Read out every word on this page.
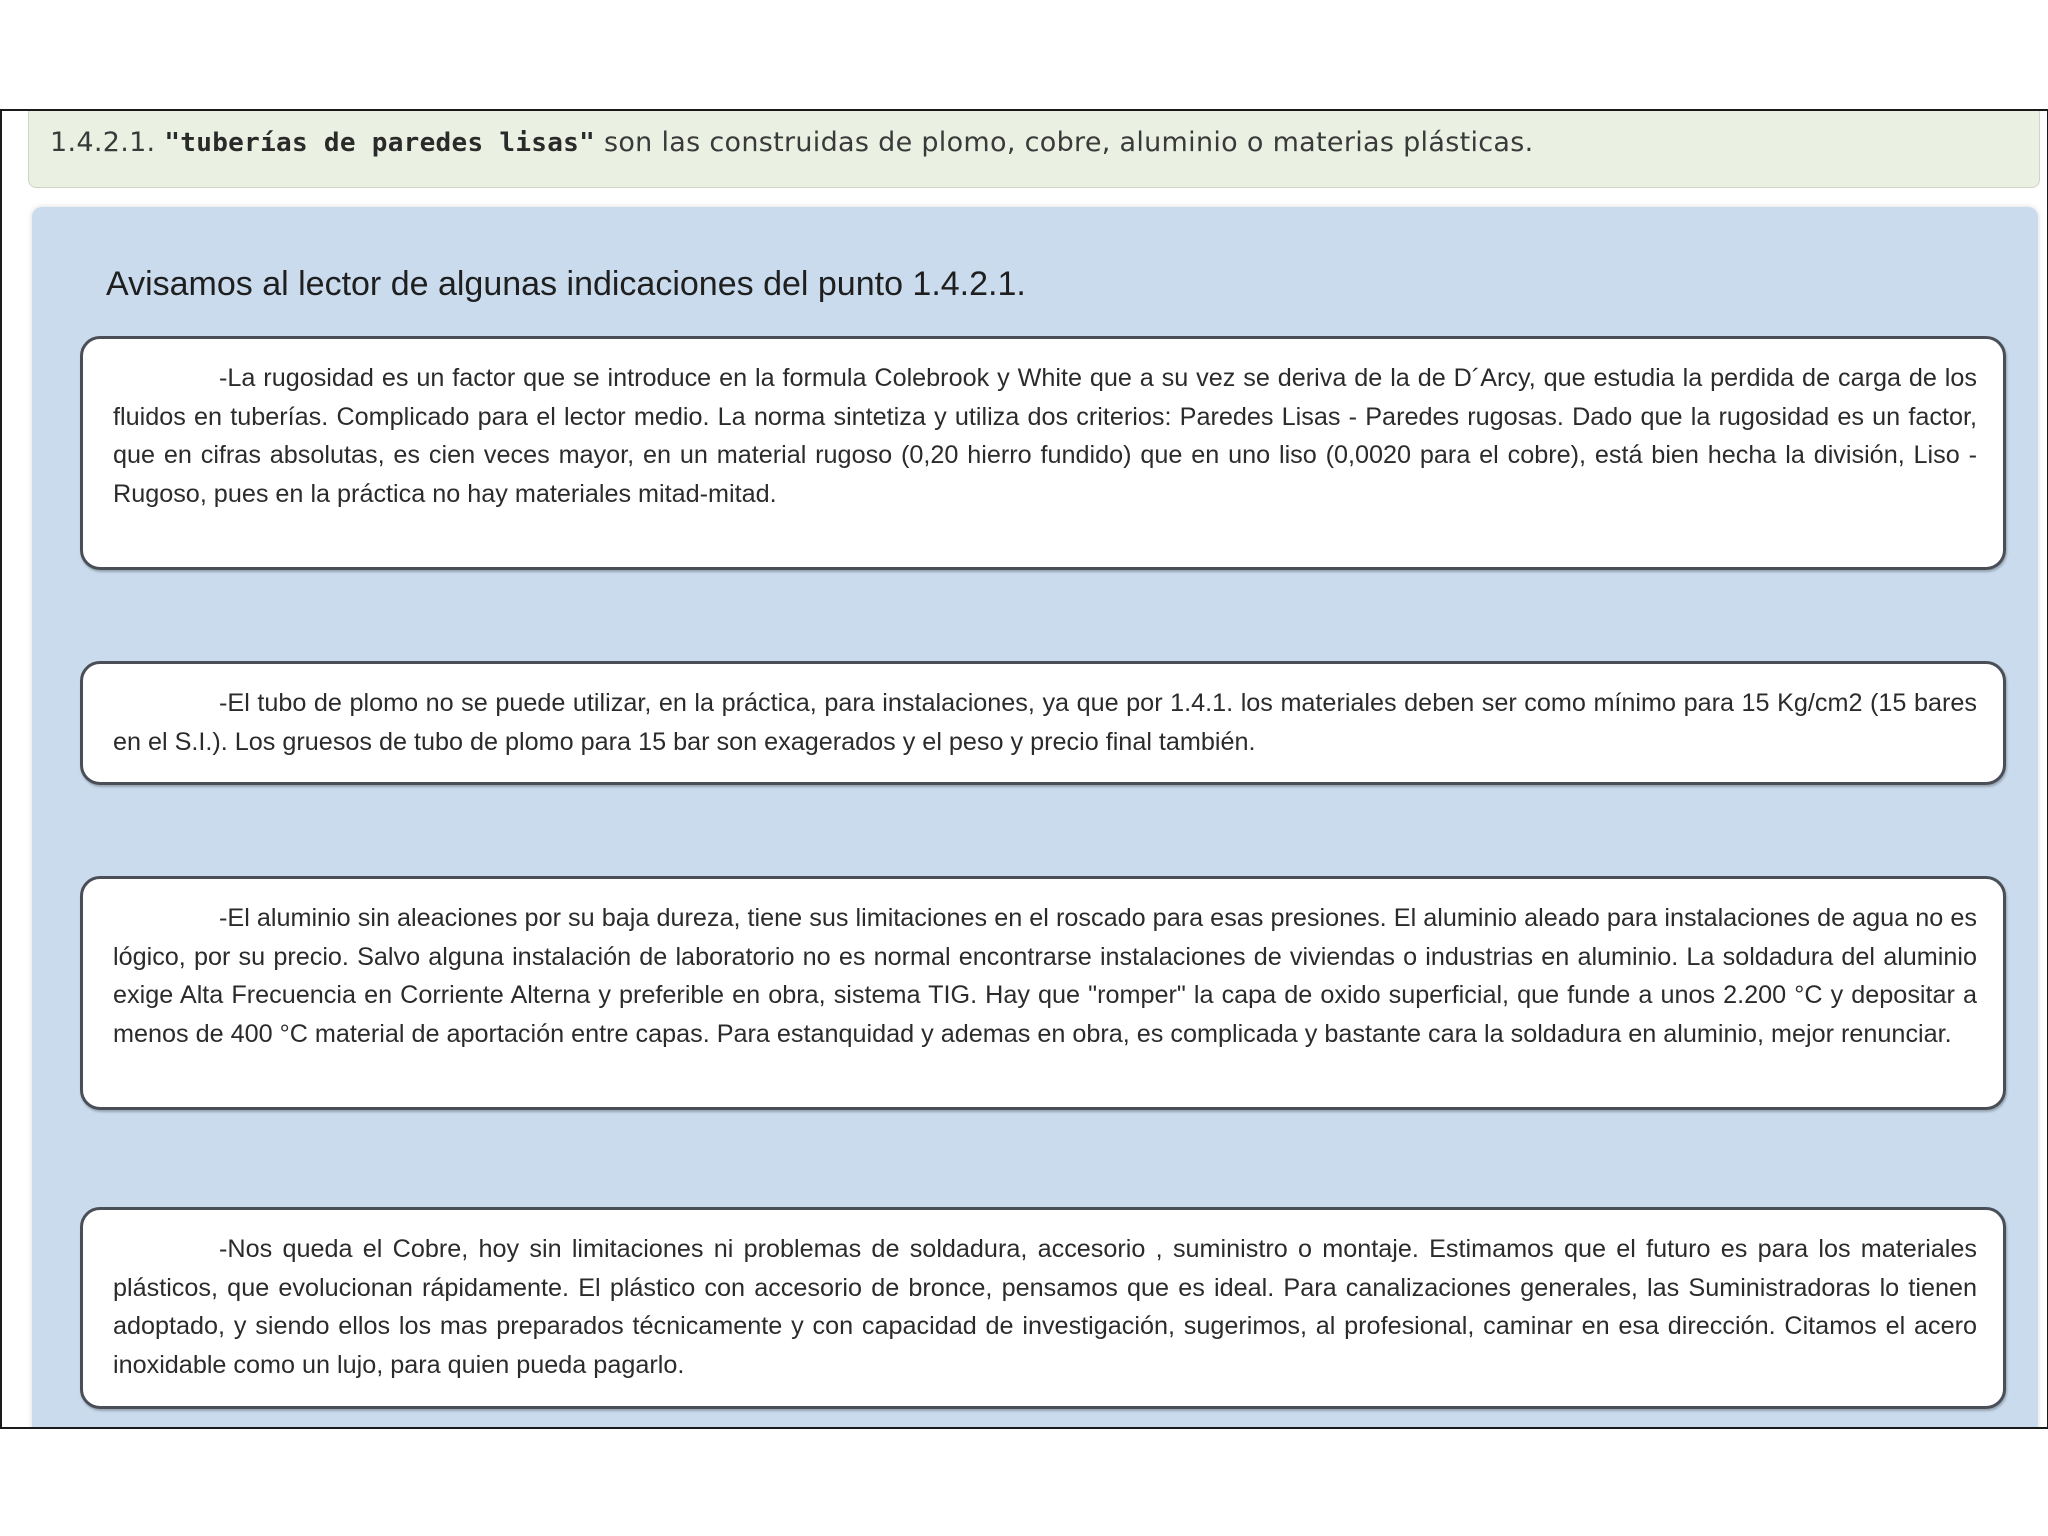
1.4.2.1. "tuberías de paredes lisas" son las construidas de plomo, cobre, aluminio o materias plásticas.
Avisamos al lector de algunas indicaciones del punto 1.4.2.1.
-La rugosidad es un factor que se introduce en la formula Colebrook y White que a su vez se deriva de la de D´Arcy, que estudia la perdida de carga de los fluidos en tuberías. Complicado para el lector medio. La norma sintetiza y utiliza dos criterios: Paredes Lisas - Paredes rugosas. Dado que la rugosidad es un factor, que en cifras absolutas, es cien veces mayor, en un material rugoso (0,20 hierro fundido) que en uno liso (0,0020 para el cobre), está bien hecha la división, Liso -Rugoso, pues en la práctica no hay materiales mitad-mitad.
-El tubo de plomo no se puede utilizar, en la práctica, para instalaciones, ya que por 1.4.1. los materiales deben ser como mínimo para 15 Kg/cm2 (15 bares en el S.I.). Los gruesos de tubo de plomo para 15 bar son exagerados y el peso y precio final también.
-El aluminio sin aleaciones por su baja dureza, tiene sus limitaciones en el roscado para esas presiones. El aluminio aleado para instalaciones de agua no es lógico, por su precio. Salvo alguna instalación de laboratorio no es normal encontrarse instalaciones de viviendas o industrias en aluminio. La soldadura del aluminio exige Alta Frecuencia en Corriente Alterna y preferible en obra, sistema TIG. Hay que "romper" la capa de oxido superficial, que funde a unos 2.200 °C y depositar a menos de 400 °C material de aportación entre capas. Para estanquidad y ademas en obra, es complicada y bastante cara la soldadura en aluminio, mejor renunciar.
-Nos queda el Cobre, hoy sin limitaciones ni problemas de soldadura, accesorio , suministro o montaje. Estimamos que el futuro es para los materiales plásticos, que evolucionan rápidamente. El plástico con accesorio de bronce, pensamos que es ideal. Para canalizaciones generales, las Suministradoras lo tienen adoptado, y siendo ellos los mas preparados técnicamente y con capacidad de investigación, sugerimos, al profesional, caminar en esa dirección. Citamos el acero inoxidable como un lujo, para quien pueda pagarlo.
